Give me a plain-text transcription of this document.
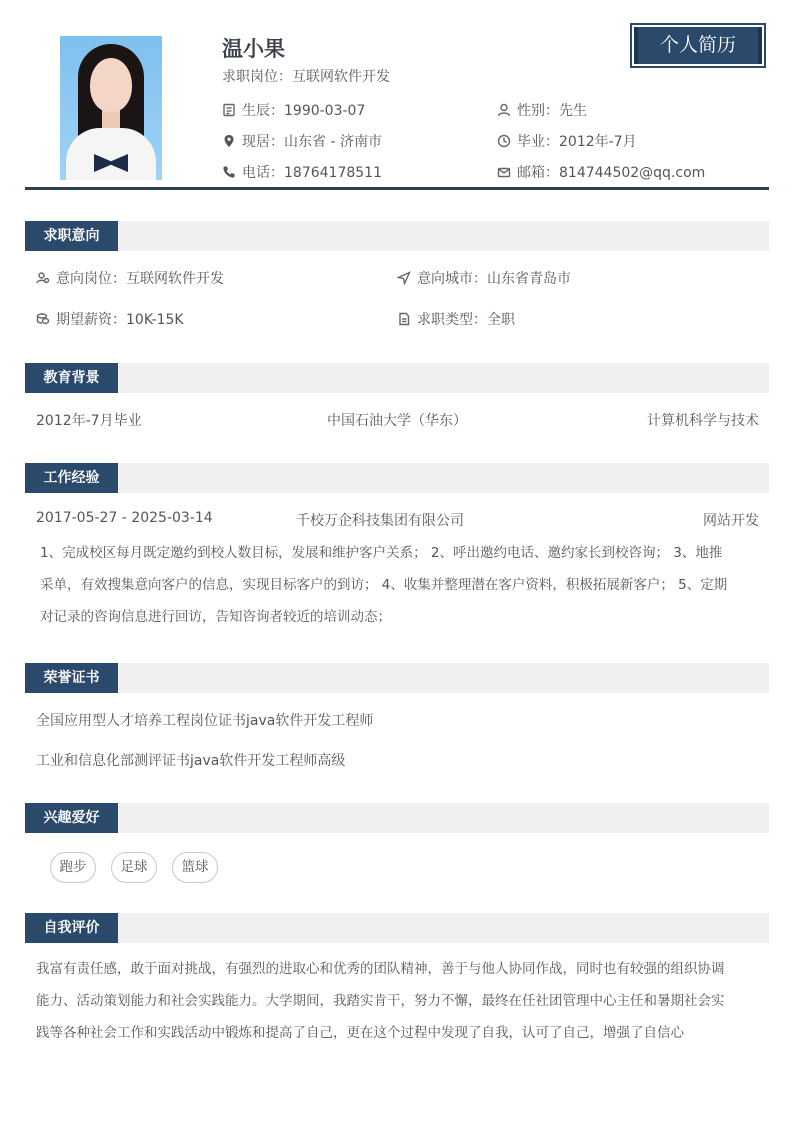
温小果
求职岗位：互联网软件开发
个人简历
生辰：1990-03-07	性别：先生
现居：山东省 - 济南市	毕业：2012年-7月
电话：18764178511	邮箱：814744502@qq.com
求职意向
意向岗位：互联网软件开发	意向城市：山东省青岛市
期望薪资：10K-15K	求职类型：全职
教育背景
2012年-7月毕业	中国石油大学（华东）	计算机科学与技术
工作经验
2017-05-27 - 2025-03-14	千校万企科技集团有限公司	网站开发
1、完成校区每月既定邀约到校人数目标，发展和维护客户关系； 2、呼出邀约电话、邀约家长到校咨询； 3、地推
采单，有效搜集意向客户的信息，实现目标客户的到访； 4、收集并整理潜在客户资料，积极拓展新客户； 5、定期
对记录的咨询信息进行回访，告知咨询者较近的培训动态；
荣誉证书
全国应用型人才培养工程岗位证书java软件开发工程师
工业和信息化部测评证书java软件开发工程师高级
兴趣爱好
跑步	足球	篮球
自我评价
我富有责任感，敢于面对挑战，有强烈的进取心和优秀的团队精神，善于与他人协同作战，同时也有较强的组织协调
能力、活动策划能力和社会实践能力。大学期间，我踏实肯干，努力不懈，最终在任社团管理中心主任和暑期社会实
践等各种社会工作和实践活动中锻炼和提高了自己，更在这个过程中发现了自我，认可了自己，增强了自信心
